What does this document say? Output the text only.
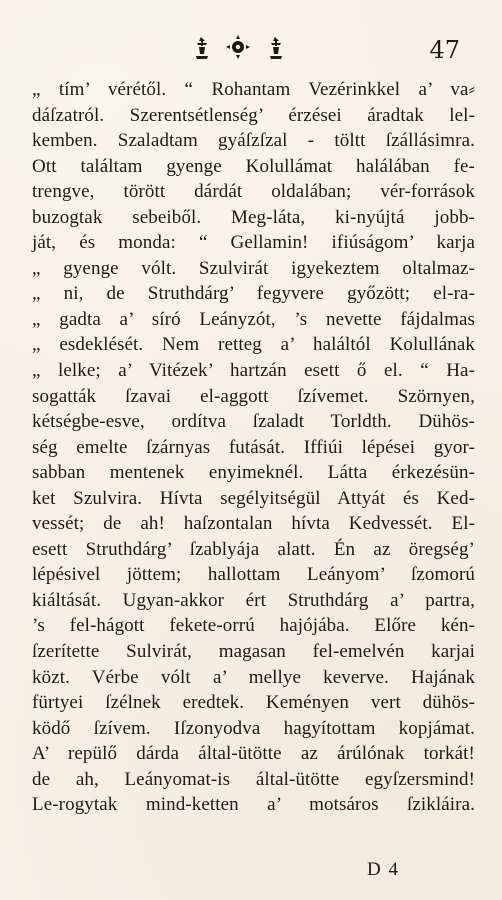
47
„ tím’ vérétől. “ Rohantam Vezérinkkel a’ va⸗
dáſzatról. Szerentsétlenség’ érzései áradtak lel-
kemben. Szaladtam gyáſzſzal - töltt ſzállásimra.
Ott találtam gyenge Kolullámat halálában fe-
trengve, törött dárdát oldalában; vér-források
buzogtak sebeiből. Meg-láta, ki-nyújtá jobb-
ját, és monda: “ Gellamin! ifiúságom’ karja
„ gyenge vólt. Szulvirát igyekeztem oltalmaz-
„ ni, de Struthdárg’ fegyvere győzött; el-ra-
„ gadta a’ síró Leányzót, ’s nevette fájdalmas
„ esdeklését. Nem retteg a’ haláltól Kolullának
„ lelke; a’ Vitézek’ hartzán esett ő el. “ Ha-
sogatták ſzavai el-aggott ſzívemet. Szörnyen,
kétségbe-esve, ordítva ſzaladt Torldth. Dühös-
ség emelte ſzárnyas futását. Iffiúi lépései gyor-
sabban mentenek enyimeknél. Látta érkezésün-
ket Szulvira. Hívta segélyitségül Attyát és Ked-
vessét; de ah! haſzontalan hívta Kedvessét. El-
esett Struthdárg’ ſzablyája alatt. Én az öregség’
lépésivel jöttem; hallottam Leányom’ ſzomorú
kiáltását. Ugyan-akkor ért Struthdárg a’ partra,
’s fel-hágott fekete-orrú hajójába. Előre kén-
ſzerítette Sulvirát, magasan fel-emelvén karjai
közt. Vérbe vólt a’ mellye keverve. Hajának
fürtyei ſzélnek eredtek. Keményen vert dühös-
ködő ſzívem. Iſzonyodva hagyítottam kopjámat.
A’ repülő dárda által-ütötte az árúlónak torkát!
de ah, Leányomat-is által-ütötte egyſzersmind!
Le-rogytak mind-ketten a’ motsáros ſzikláira.
D 4
